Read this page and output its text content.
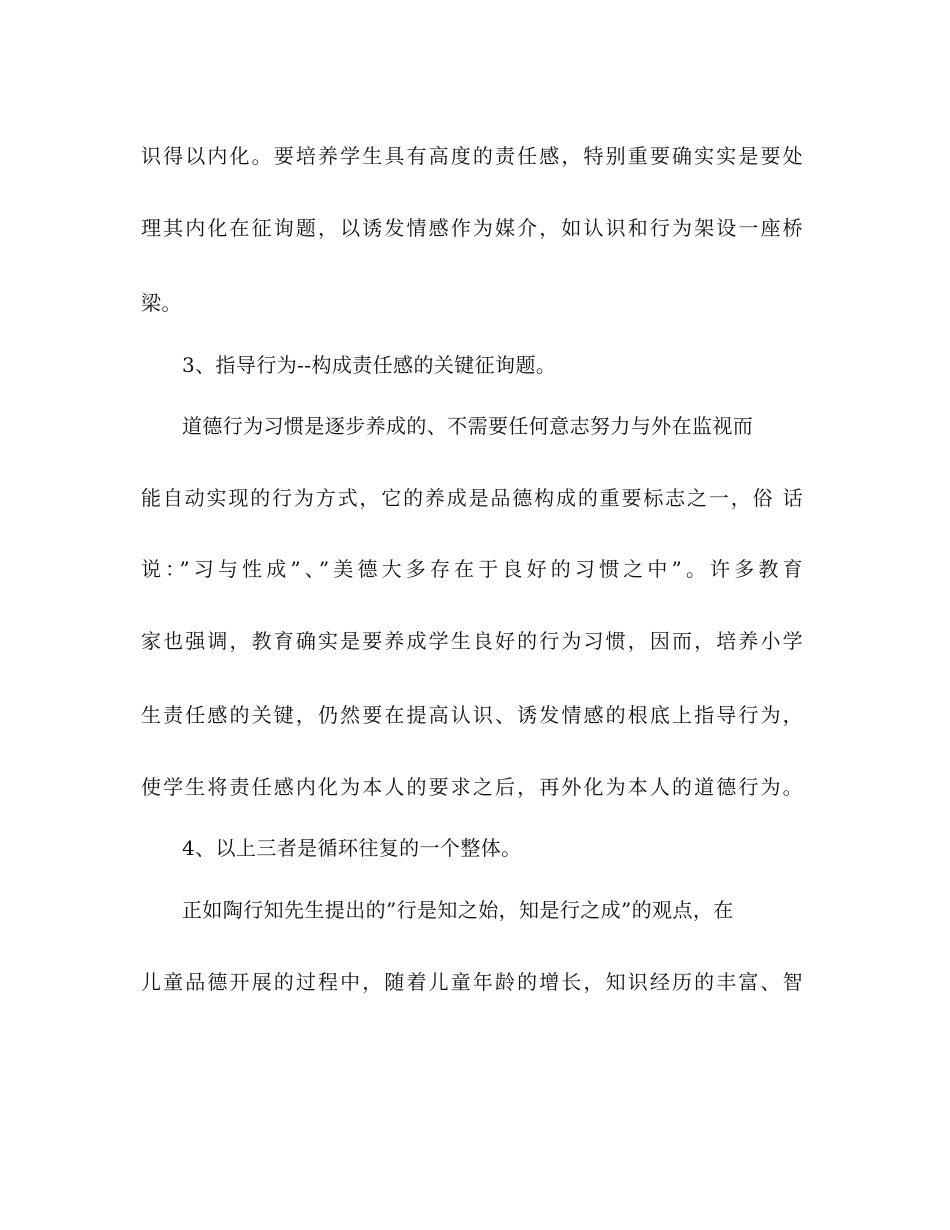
识得以内化。要培养学生具有高度的责任感，特别重要确实实是要处
理其内化在征询题，以诱发情感作为媒介，如认识和行为架设一座桥
梁。
3、指导行为--构成责任感的关键征询题。
道德行为习惯是逐步养成的、不需要任何意志努力与外在监视而
能自动实现的行为方式，它的养成是品德构成的重要标志之一，俗 话
说：”习与性成”、”美德大多存在于良好的习惯之中”。许多教育
家也强调，教育确实是要养成学生良好的行为习惯，因而，培养小学
生责任感的关键，仍然要在提高认识、诱发情感的根底上指导行为，
使学生将责任感内化为本人的要求之后，再外化为本人的道德行为。
4、以上三者是循环往复的一个整体。
正如陶行知先生提出的”行是知之始，知是行之成”的观点，在
儿童品德开展的过程中，随着儿童年龄的增长，知识经历的丰富、智
